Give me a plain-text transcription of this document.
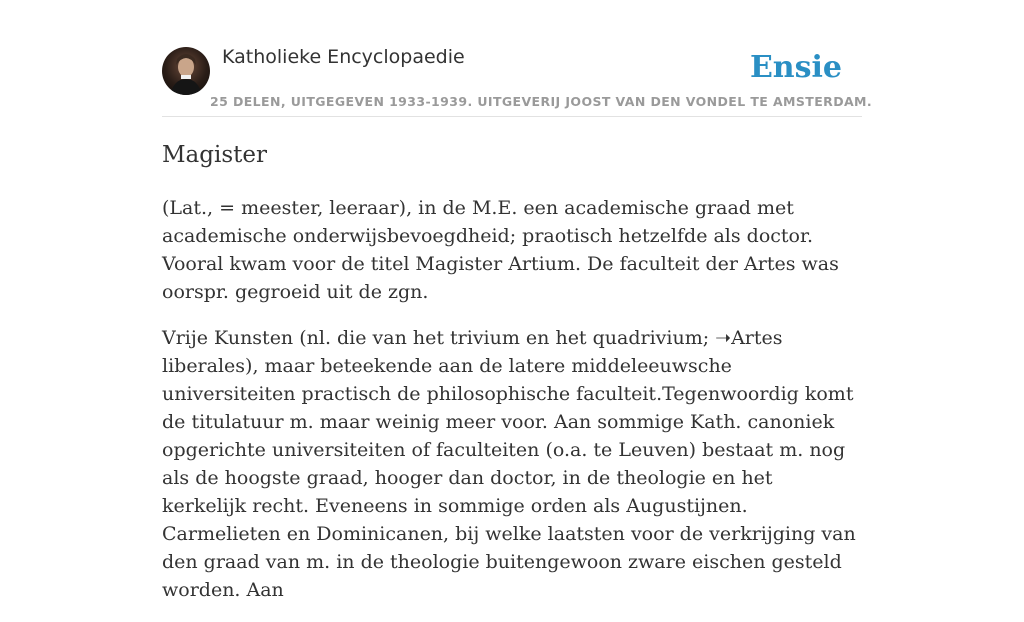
Katholieke Encyclopaedie
25 DELEN, UITGEGEVEN 1933-1939. UITGEVERIJ JOOST VAN DEN VONDEL TE AMSTERDAM.
Ensie
Magister

(Lat., = meester, leeraar), in de M.E. een academische graad met academische onderwijsbevoegdheid; praotisch hetzelfde als doctor. Vooral kwam voor de titel Magister Artium. De faculteit der Artes was oorspr. gegroeid uit de zgn.

Vrije Kunsten (nl. die van het trivium en het quadrivium; ➝Artes liberales), maar beteekende aan de latere middeleeuwsche universiteiten practisch de philosophische faculteit.Tegenwoordig komt de titulatuur m. maar weinig meer voor. Aan sommige Kath. canoniek opgerichte universiteiten of faculteiten (o.a. te Leuven) bestaat m. nog als de hoogste graad, hooger dan doctor, in de theologie en het kerkelijk recht. Eveneens in sommige orden als Augustijnen. Carmelieten en Dominicanen, bij welke laatsten voor de verkrijging van den graad van m. in de theologie buitengewoon zware eischen gesteld worden. Aan
